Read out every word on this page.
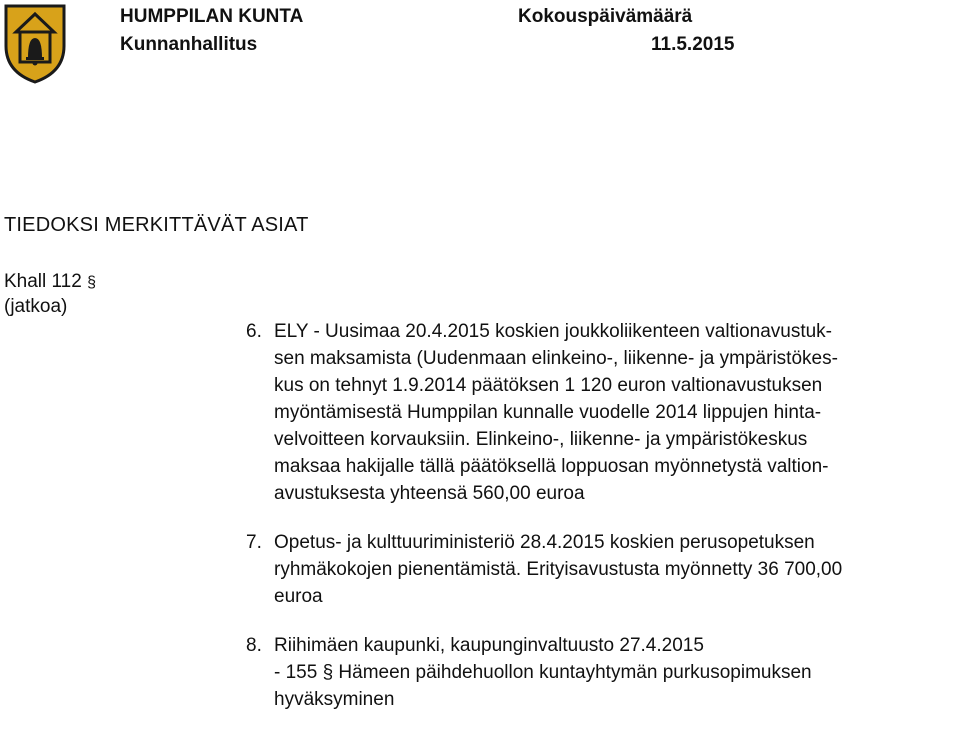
HUMPPILAN KUNTA
Kunnanhallitus
Kokouspäivämäärä
11.5.2015
TIEDOKSI MERKITTÄVÄT ASIAT
Khall 112 §
(jatkoa)
6. ELY - Uusimaa 20.4.2015 koskien joukkoliikenteen valtionavustuk-
sen maksamista (Uudenmaan elinkeino-, liikenne- ja ympäristökes-
kus on tehnyt 1.9.2014 päätöksen 1 120 euron valtionavustuksen
myöntämisestä Humppilan kunnalle vuodelle 2014 lippujen hinta-
velvoitteen korvauksiin. Elinkeino-, liikenne- ja ympäristökeskus
maksaa hakijalle tällä päätöksellä loppuosan myönnetystä valtion-
avustuksesta yhteensä 560,00 euroa
7. Opetus- ja kulttuuriministeriö 28.4.2015 koskien perusopetuksen
ryhmäkokojen pienentämistä. Erityisavustusta myönnetty 36 700,00
euroa
8. Riihimäen kaupunki, kaupunginvaltuusto 27.4.2015
- 155 § Hämeen päihdehuollon kuntayhtymän purkusopimuksen
hyväksyminen
